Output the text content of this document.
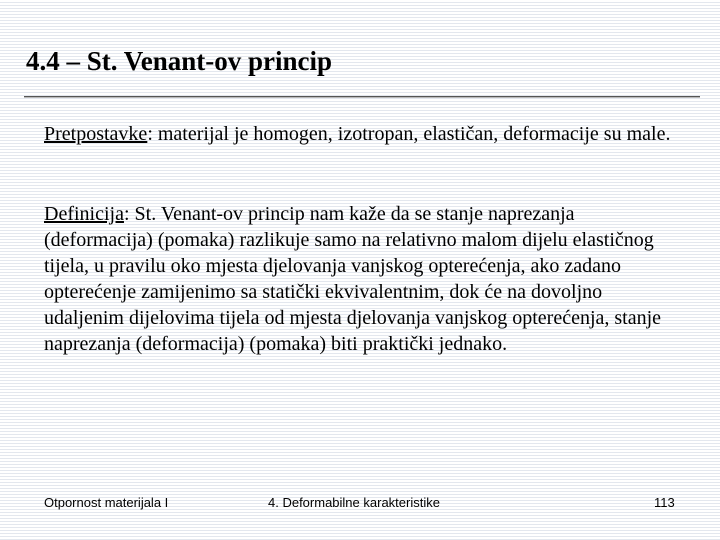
4.4 – St. Venant-ov princip

Pretpostavke: materijal je homogen, izotropan, elastičan, deformacije su male.

Definicija: St. Venant-ov princip nam kaže da se stanje naprezanja (deformacija) (pomaka) razlikuje samo na relativno malom dijelu elastičnog tijela, u pravilu oko mjesta djelovanja vanjskog opterećenja, ako zadano opterećenje zamijenimo sa statički ekvivalentnim, dok će na dovoljno udaljenim dijelovima tijela od mjesta djelovanja vanjskog opterećenja, stanje naprezanja (deformacija) (pomaka) biti praktički jednako.

Otpornost materijala I	4. Deformabilne karakteristike	113
